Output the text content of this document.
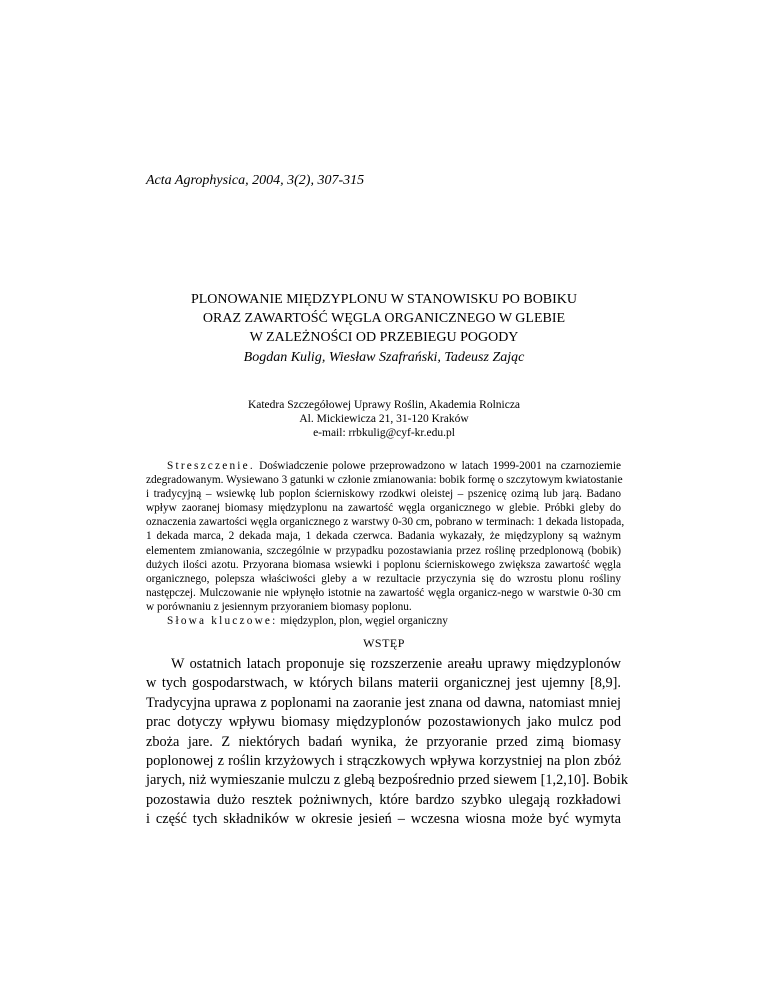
Acta Agrophysica, 2004, 3(2), 307-315
PLONOWANIE MIĘDZYPLONU W STANOWISKU PO BOBIKU
ORAZ ZAWARTOŚĆ WĘGLA ORGANICZNEGO W GLEBIE
W ZALEŻNOŚCI OD PRZEBIEGU POGODY
Bogdan Kulig, Wiesław Szafrański, Tadeusz Zając
Katedra Szczegółowej Uprawy Roślin, Akademia Rolnicza
Al. Mickiewicza 21, 31-120 Kraków
e-mail: rrbkulig@cyf-kr.edu.pl
Streszczenie. Doświadczenie polowe przeprowadzono w latach 1999-2001 na czarnoziemie
zdegradowanym. Wysiewano 3 gatunki w członie zmianowania: bobik formę o szczytowym kwiatostanie
i tradycyjną – wsiewkę lub poplon ścierniskowy rzodkwi oleistej – pszenicę ozimą lub jarą. Badano
wpływ zaoranej biomasy międzyplonu na zawartość węgla organicznego w glebie. Próbki gleby do
oznaczenia zawartości węgla organicznego z warstwy 0-30 cm, pobrano w terminach: 1 dekada listopada,
1 dekada marca, 2 dekada maja, 1 dekada czerwca. Badania wykazały, że międzyplony są ważnym
elementem zmianowania, szczególnie w przypadku pozostawiania przez roślinę przedplonową (bobik)
dużych ilości azotu. Przyorana biomasa wsiewki i poplonu ścierniskowego zwiększa zawartość węgla
organicznego, polepsza właściwości gleby a w rezultacie przyczynia się do wzrostu plonu rośliny
następczej. Mulczowanie nie wpłynęło istotnie na zawartość węgla organicz-nego w warstwie 0-30 cm
w porównaniu z jesiennym przyoraniem biomasy poplonu.
Słowa kluczowe: międzyplon, plon, węgiel organiczny
WSTĘP
W ostatnich latach proponuje się rozszerzenie areału uprawy międzyplonów
w tych gospodarstwach, w których bilans materii organicznej jest ujemny [8,9].
Tradycyjna uprawa z poplonami na zaoranie jest znana od dawna, natomiast mniej
prac dotyczy wpływu biomasy międzyplonów pozostawionych jako mulcz pod
zboża jare. Z niektórych badań wynika, że przyoranie przed zimą biomasy
poplonowej z roślin krzyżowych i strączkowych wpływa korzystniej na plon zbóż
jarych, niż wymieszanie mulczu z glebą bezpośrednio przed siewem [1,2,10]. Bobik
pozostawia dużo resztek pożniwnych, które bardzo szybko ulegają rozkładowi
i część tych składników w okresie jesień – wczesna wiosna może być wymyta
